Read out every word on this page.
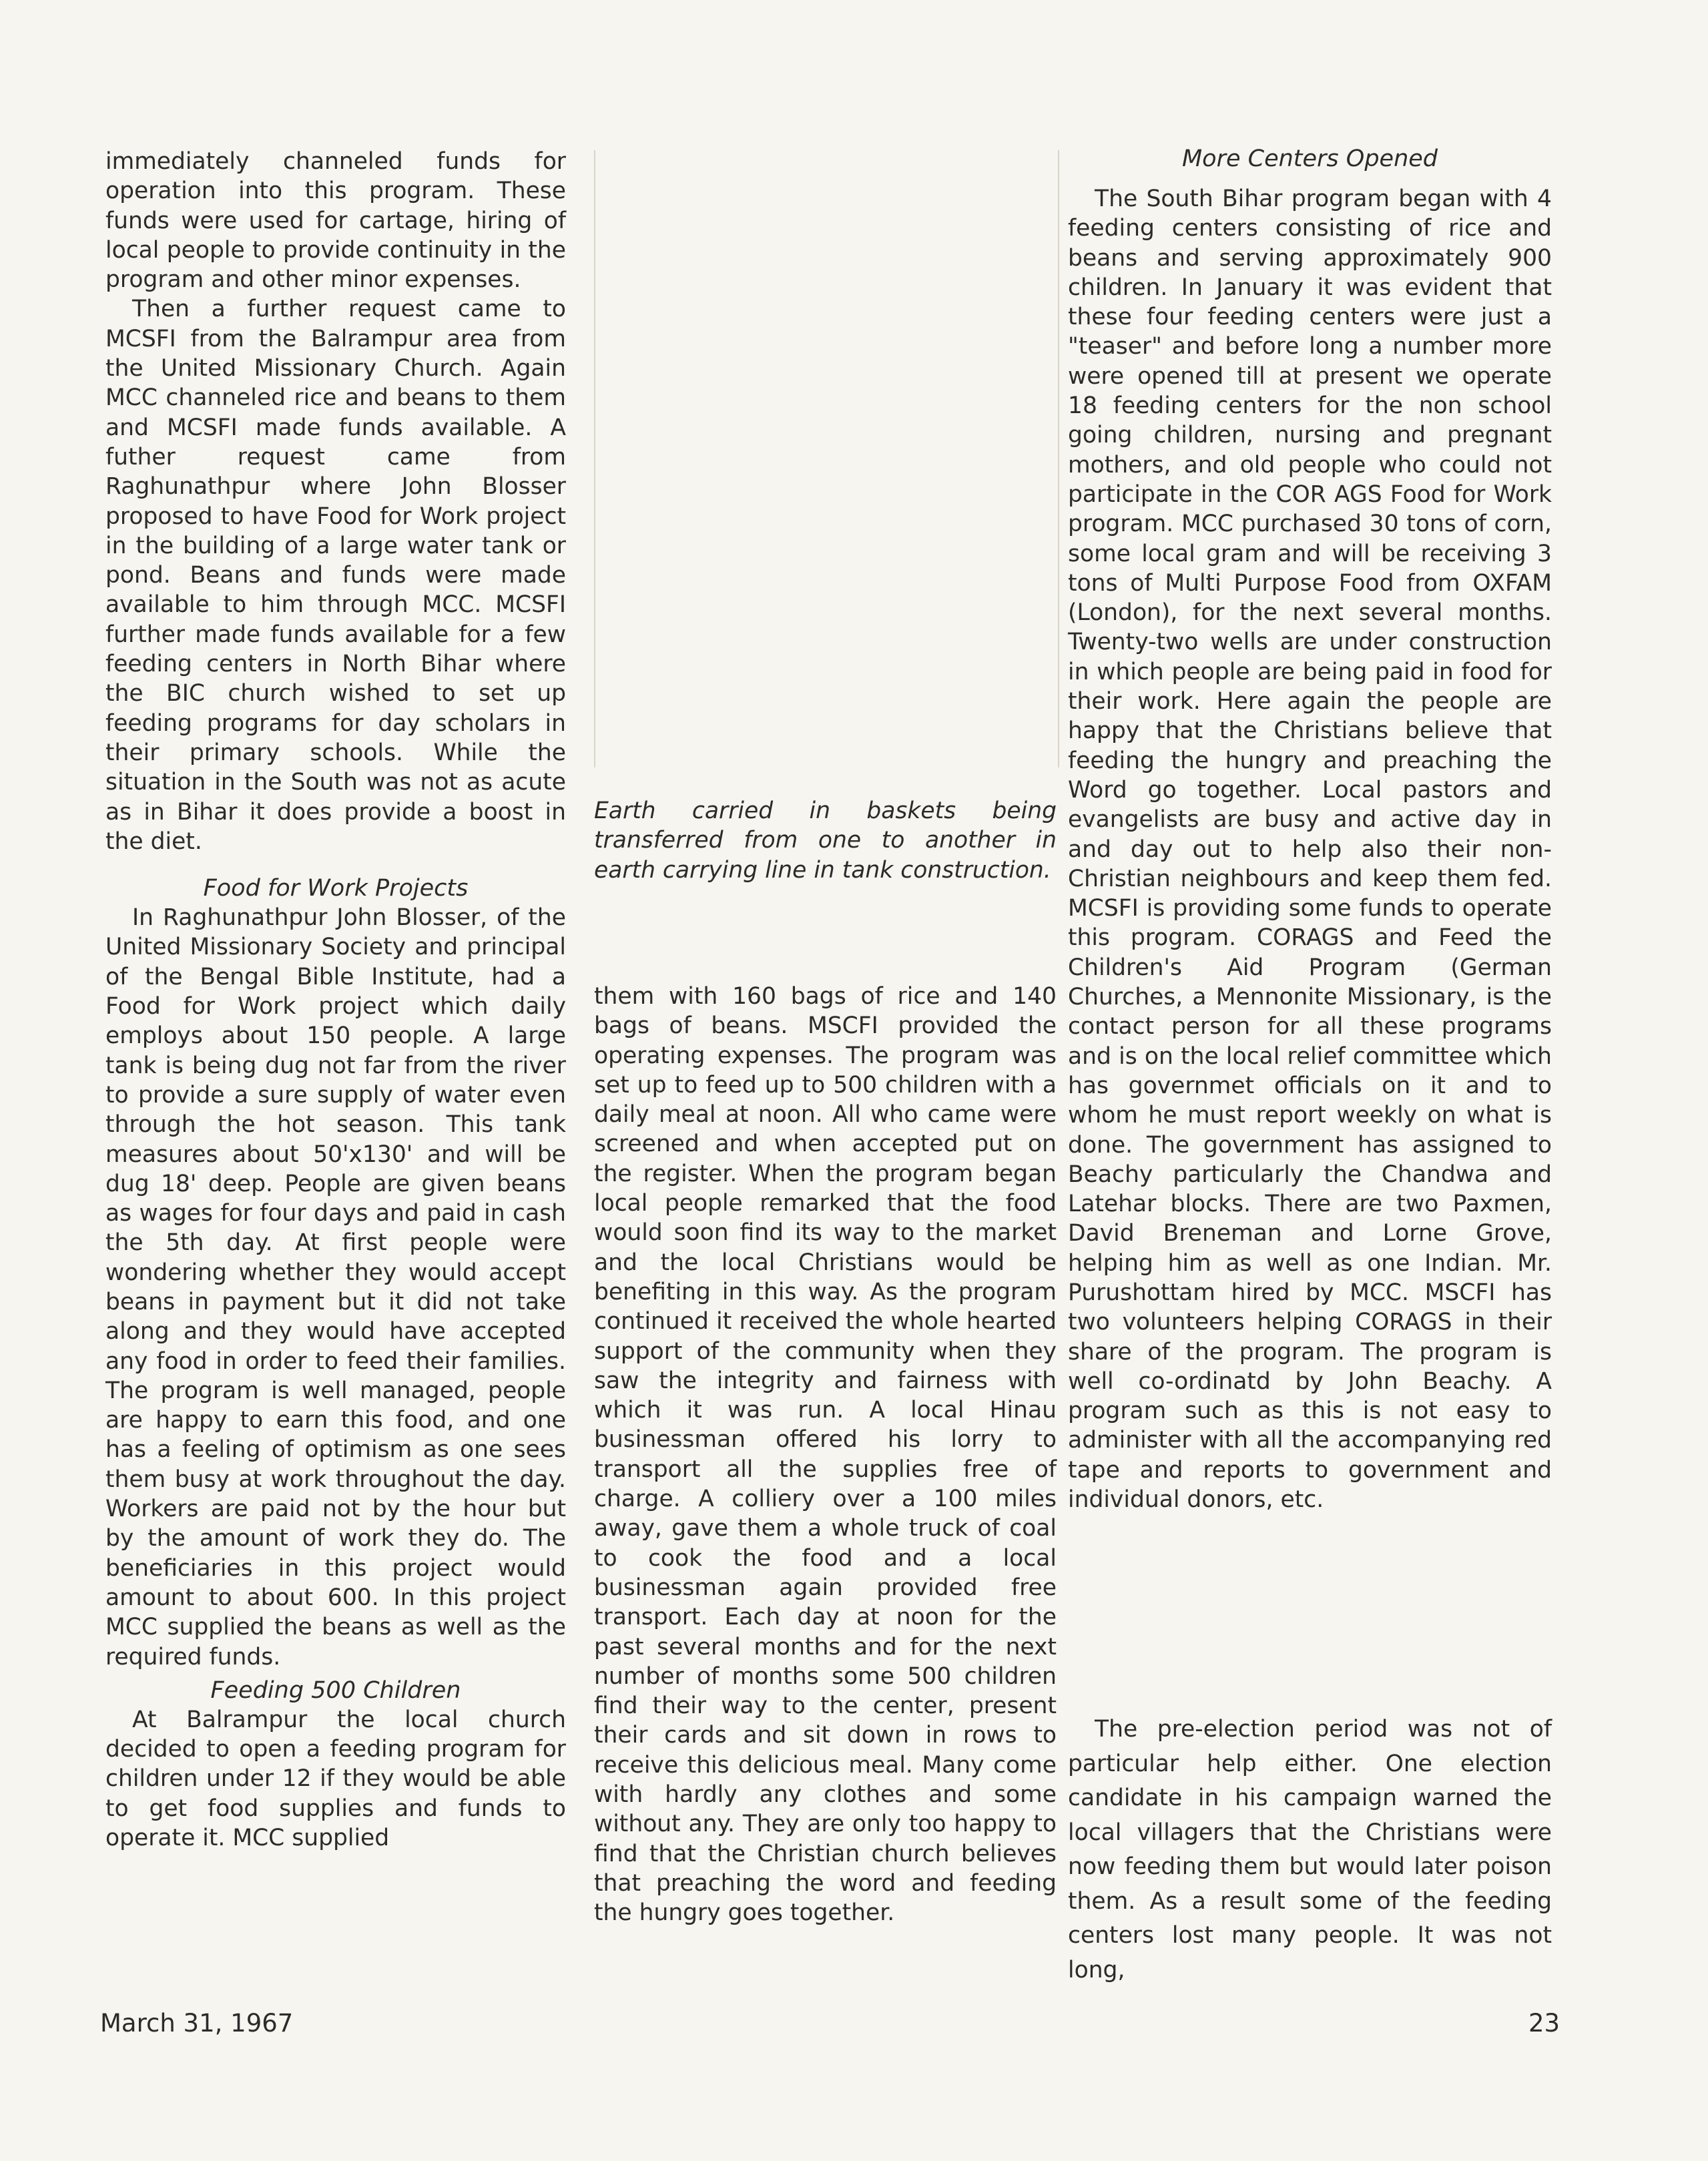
immediately channeled funds for operation into this program. These funds were used for cartage, hiring of local people to provide continuity in the program and other minor expenses.

Then a further request came to MCSFI from the Balrampur area from the United Missionary Church. Again MCC channeled rice and beans to them and MCSFI made funds available. A futher request came from Raghunathpur where John Blosser proposed to have Food for Work project in the building of a large water tank or pond. Beans and funds were made available to him through MCC. MCSFI further made funds available for a few feeding centers in North Bihar where the BIC church wished to set up feeding programs for day scholars in their primary schools. While the situation in the South was not as acute as in Bihar it does provide a boost in the diet.

Food for Work Projects

In Raghunathpur John Blosser, of the United Missionary Society and principal of the Bengal Bible Institute, had a Food for Work project which daily employs about 150 people. A large tank is being dug not far from the river to provide a sure supply of water even through the hot season. This tank measures about 50'x130' and will be dug 18' deep. People are given beans as wages for four days and paid in cash the 5th day. At first people were wondering whether they would accept beans in payment but it did not take along and they would have accepted any food in order to feed their families. The program is well managed, people are happy to earn this food, and one has a feeling of optimism as one sees them busy at work throughout the day. Workers are paid not by the hour but by the amount of work they do. The beneficiaries in this project would amount to about 600. In this project MCC supplied the beans as well as the required funds.

Feeding 500 Children

At Balrampur the local church decided to open a feeding program for children under 12 if they would be able to get food supplies and funds to operate it. MCC supplied

Earth carried in baskets being transferred from one to another in earth carrying line in tank construction.

them with 160 bags of rice and 140 bags of beans. MSCFI provided the operating expenses. The program was set up to feed up to 500 children with a daily meal at noon. All who came were screened and when accepted put on the register. When the program began local people remarked that the food would soon find its way to the market and the local Christians would be benefiting in this way. As the program continued it received the whole hearted support of the community when they saw the integrity and fairness with which it was run. A local Hinau businessman offered his lorry to transport all the supplies free of charge. A colliery over a 100 miles away, gave them a whole truck of coal to cook the food and a local businessman again provided free transport. Each day at noon for the past several months and for the next number of months some 500 children find their way to the center, present their cards and sit down in rows to receive this delicious meal. Many come with hardly any clothes and some without any. They are only too happy to find that the Christian church believes that preaching the word and feeding the hungry goes together.

More Centers Opened

The South Bihar program began with 4 feeding centers consisting of rice and beans and serving approximately 900 children. In January it was evident that these four feeding centers were just a "teaser" and before long a number more were opened till at present we operate 18 feeding centers for the non school going children, nursing and pregnant mothers, and old people who could not participate in the COR AGS Food for Work program. MCC purchased 30 tons of corn, some local gram and will be receiving 3 tons of Multi Purpose Food from OXFAM (London), for the next several months. Twenty-two wells are under construction in which people are being paid in food for their work. Here again the people are happy that the Christians believe that feeding the hungry and preaching the Word go together. Local pastors and evangelists are busy and active day in and day out to help also their non-Christian neighbours and keep them fed. MCSFI is providing some funds to operate this program. CORAGS and Feed the Children's Aid Program (German Churches, a Mennonite Missionary, is the contact person for all these programs and is on the local relief committee which has governmet officials on it and to whom he must report weekly on what is done. The government has assigned to Beachy particularly the Chandwa and Latehar blocks. There are two Paxmen, David Breneman and Lorne Grove, helping him as well as one Indian. Mr. Purushottam hired by MCC. MSCFI has two volunteers helping CORAGS in their share of the program. The program is well co-ordinatd by John Beachy. A program such as this is not easy to administer with all the accompanying red tape and reports to government and individual donors, etc.

The pre-election period was not of particular help either. One election candidate in his campaign warned the local villagers that the Christians were now feeding them but would later poison them. As a result some of the feeding centers lost many people. It was not long,

March 31, 1967	23
